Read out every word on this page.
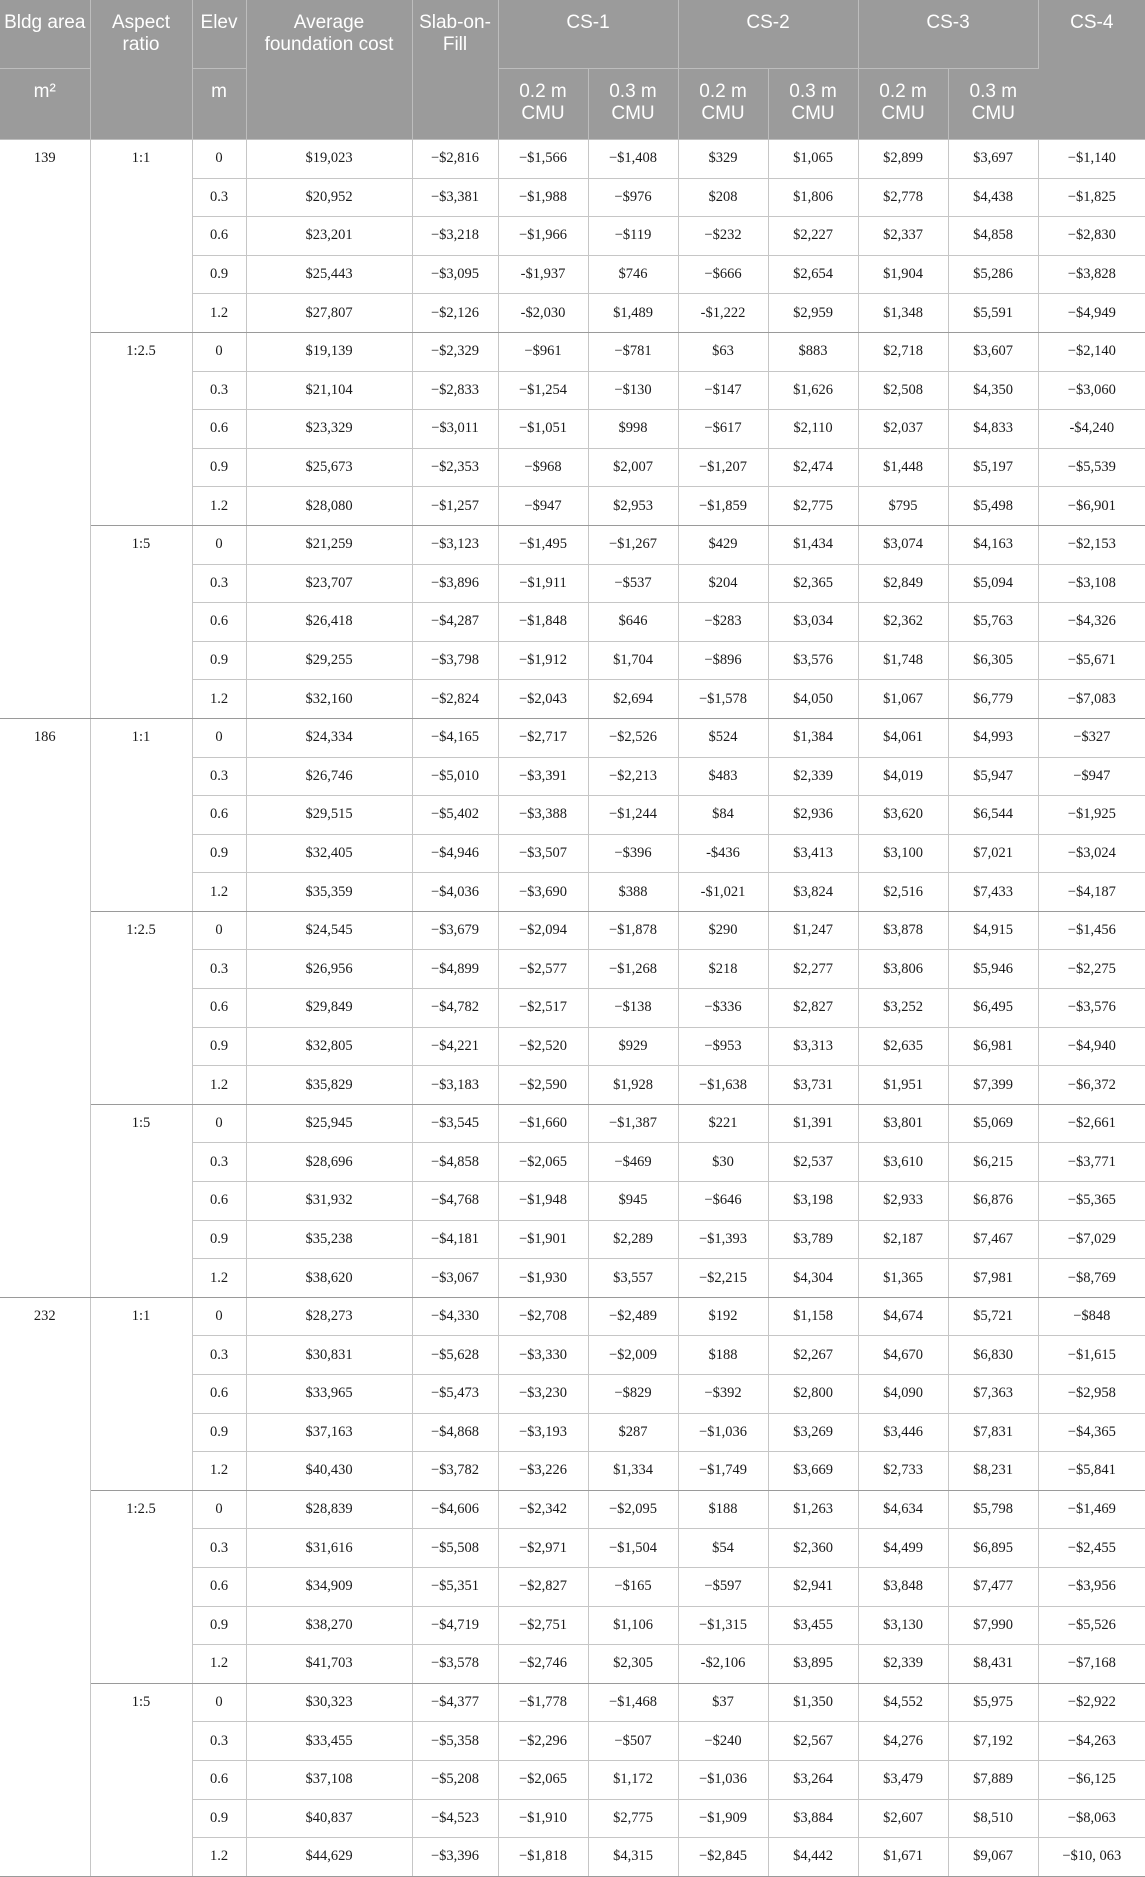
Bldg area	Aspect ratio	Elev	Average foundation cost	Slab-on-Fill	CS-1		CS-2		CS-3		CS-4
m²		m			0.2 m CMU	0.3 m CMU	0.2 m CMU	0.3 m CMU	0.2 m CMU	0.3 m CMU	
139	1:1	0	$19,023	−$2,816	−$1,566	−$1,408	$329	$1,065	$2,899	$3,697	−$1,140
		0.3	$20,952	−$3,381	−$1,988	−$976	$208	$1,806	$2,778	$4,438	−$1,825
		0.6	$23,201	−$3,218	−$1,966	−$119	−$232	$2,227	$2,337	$4,858	−$2,830
		0.9	$25,443	−$3,095	-$1,937	$746	−$666	$2,654	$1,904	$5,286	−$3,828
		1.2	$27,807	−$2,126	-$2,030	$1,489	-$1,222	$2,959	$1,348	$5,591	−$4,949
	1:2.5	0	$19,139	−$2,329	−$961	−$781	$63	$883	$2,718	$3,607	−$2,140
		0.3	$21,104	−$2,833	−$1,254	−$130	−$147	$1,626	$2,508	$4,350	−$3,060
		0.6	$23,329	−$3,011	−$1,051	$998	−$617	$2,110	$2,037	$4,833	-$4,240
		0.9	$25,673	−$2,353	−$968	$2,007	−$1,207	$2,474	$1,448	$5,197	−$5,539
		1.2	$28,080	−$1,257	−$947	$2,953	−$1,859	$2,775	$795	$5,498	−$6,901
	1:5	0	$21,259	−$3,123	−$1,495	−$1,267	$429	$1,434	$3,074	$4,163	−$2,153
		0.3	$23,707	−$3,896	−$1,911	−$537	$204	$2,365	$2,849	$5,094	−$3,108
		0.6	$26,418	−$4,287	−$1,848	$646	−$283	$3,034	$2,362	$5,763	−$4,326
		0.9	$29,255	−$3,798	−$1,912	$1,704	−$896	$3,576	$1,748	$6,305	−$5,671
		1.2	$32,160	−$2,824	−$2,043	$2,694	−$1,578	$4,050	$1,067	$6,779	−$7,083
186	1:1	0	$24,334	−$4,165	−$2,717	−$2,526	$524	$1,384	$4,061	$4,993	−$327
		0.3	$26,746	−$5,010	−$3,391	−$2,213	$483	$2,339	$4,019	$5,947	−$947
		0.6	$29,515	−$5,402	−$3,388	−$1,244	$84	$2,936	$3,620	$6,544	−$1,925
		0.9	$32,405	−$4,946	−$3,507	−$396	-$436	$3,413	$3,100	$7,021	−$3,024
		1.2	$35,359	−$4,036	−$3,690	$388	-$1,021	$3,824	$2,516	$7,433	−$4,187
	1:2.5	0	$24,545	−$3,679	−$2,094	−$1,878	$290	$1,247	$3,878	$4,915	−$1,456
		0.3	$26,956	−$4,899	−$2,577	−$1,268	$218	$2,277	$3,806	$5,946	−$2,275
		0.6	$29,849	−$4,782	−$2,517	−$138	−$336	$2,827	$3,252	$6,495	−$3,576
		0.9	$32,805	−$4,221	−$2,520	$929	−$953	$3,313	$2,635	$6,981	−$4,940
		1.2	$35,829	−$3,183	−$2,590	$1,928	−$1,638	$3,731	$1,951	$7,399	−$6,372
	1:5	0	$25,945	−$3,545	−$1,660	−$1,387	$221	$1,391	$3,801	$5,069	−$2,661
		0.3	$28,696	−$4,858	−$2,065	−$469	$30	$2,537	$3,610	$6,215	−$3,771
		0.6	$31,932	−$4,768	−$1,948	$945	−$646	$3,198	$2,933	$6,876	−$5,365
		0.9	$35,238	−$4,181	−$1,901	$2,289	−$1,393	$3,789	$2,187	$7,467	−$7,029
		1.2	$38,620	−$3,067	−$1,930	$3,557	−$2,215	$4,304	$1,365	$7,981	−$8,769
232	1:1	0	$28,273	−$4,330	−$2,708	−$2,489	$192	$1,158	$4,674	$5,721	−$848
		0.3	$30,831	−$5,628	−$3,330	−$2,009	$188	$2,267	$4,670	$6,830	−$1,615
		0.6	$33,965	−$5,473	−$3,230	−$829	−$392	$2,800	$4,090	$7,363	−$2,958
		0.9	$37,163	−$4,868	−$3,193	$287	−$1,036	$3,269	$3,446	$7,831	−$4,365
		1.2	$40,430	−$3,782	−$3,226	$1,334	−$1,749	$3,669	$2,733	$8,231	−$5,841
	1:2.5	0	$28,839	−$4,606	−$2,342	−$2,095	$188	$1,263	$4,634	$5,798	−$1,469
		0.3	$31,616	−$5,508	−$2,971	−$1,504	$54	$2,360	$4,499	$6,895	−$2,455
		0.6	$34,909	−$5,351	−$2,827	−$165	−$597	$2,941	$3,848	$7,477	−$3,956
		0.9	$38,270	−$4,719	−$2,751	$1,106	−$1,315	$3,455	$3,130	$7,990	−$5,526
		1.2	$41,703	−$3,578	−$2,746	$2,305	-$2,106	$3,895	$2,339	$8,431	−$7,168
	1:5	0	$30,323	−$4,377	−$1,778	−$1,468	$37	$1,350	$4,552	$5,975	−$2,922
		0.3	$33,455	−$5,358	−$2,296	−$507	−$240	$2,567	$4,276	$7,192	−$4,263
		0.6	$37,108	−$5,208	−$2,065	$1,172	−$1,036	$3,264	$3,479	$7,889	−$6,125
		0.9	$40,837	−$4,523	−$1,910	$2,775	−$1,909	$3,884	$2,607	$8,510	−$8,063
		1.2	$44,629	−$3,396	−$1,818	$4,315	−$2,845	$4,442	$1,671	$9,067	−$10, 063
